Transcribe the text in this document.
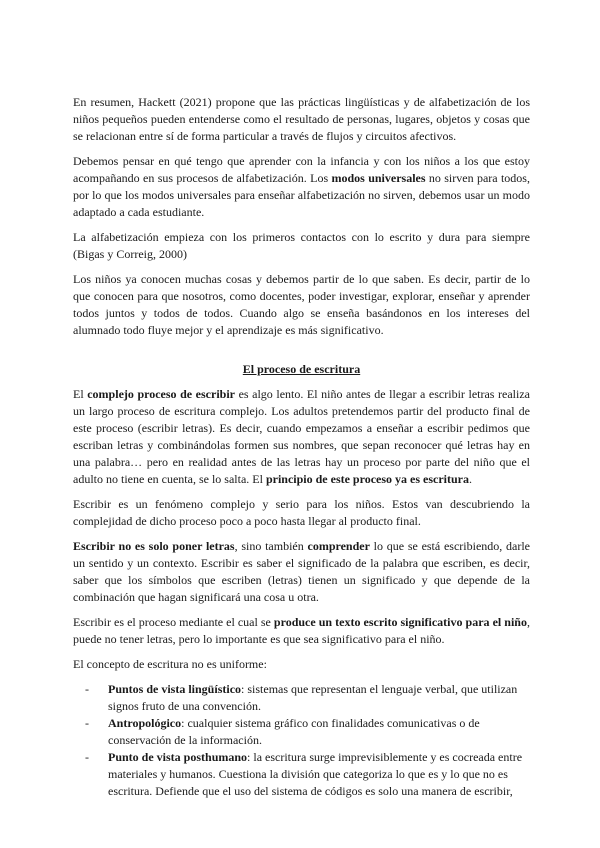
En resumen, Hackett (2021) propone que las prácticas lingüísticas y de alfabetización de los niños pequeños pueden entenderse como el resultado de personas, lugares, objetos y cosas que se relacionan entre sí de forma particular a través de flujos y circuitos afectivos.

Debemos pensar en qué tengo que aprender con la infancia y con los niños a los que estoy acompañando en sus procesos de alfabetización. Los modos universales no sirven para todos, por lo que los modos universales para enseñar alfabetización no sirven, debemos usar un modo adaptado a cada estudiante.

La alfabetización empieza con los primeros contactos con lo escrito y dura para siempre (Bigas y Correig, 2000)

Los niños ya conocen muchas cosas y debemos partir de lo que saben. Es decir, partir de lo que conocen para que nosotros, como docentes, poder investigar, explorar, enseñar y aprender todos juntos y todos de todos. Cuando algo se enseña basándonos en los intereses del alumnado todo fluye mejor y el aprendizaje es más significativo.

El proceso de escritura

El complejo proceso de escribir es algo lento. El niño antes de llegar a escribir letras realiza un largo proceso de escritura complejo. Los adultos pretendemos partir del producto final de este proceso (escribir letras). Es decir, cuando empezamos a enseñar a escribir pedimos que escriban letras y combinándolas formen sus nombres, que sepan reconocer qué letras hay en una palabra… pero en realidad antes de las letras hay un proceso por parte del niño que el adulto no tiene en cuenta, se lo salta. El principio de este proceso ya es escritura.

Escribir es un fenómeno complejo y serio para los niños. Estos van descubriendo la complejidad de dicho proceso poco a poco hasta llegar al producto final.

Escribir no es solo poner letras, sino también comprender lo que se está escribiendo, darle un sentido y un contexto. Escribir es saber el significado de la palabra que escriben, es decir, saber que los símbolos que escriben (letras) tienen un significado y que depende de la combinación que hagan significará una cosa u otra.

Escribir es el proceso mediante el cual se produce un texto escrito significativo para el niño, puede no tener letras, pero lo importante es que sea significativo para el niño.

El concepto de escritura no es uniforme:

- Puntos de vista lingüístico: sistemas que representan el lenguaje verbal, que utilizan signos fruto de una convención.
- Antropológico: cualquier sistema gráfico con finalidades comunicativas o de conservación de la información.
- Punto de vista posthumano: la escritura surge imprevisiblemente y es cocreada entre materiales y humanos. Cuestiona la división que categoriza lo que es y lo que no es escritura. Defiende que el uso del sistema de códigos es solo una manera de escribir,
